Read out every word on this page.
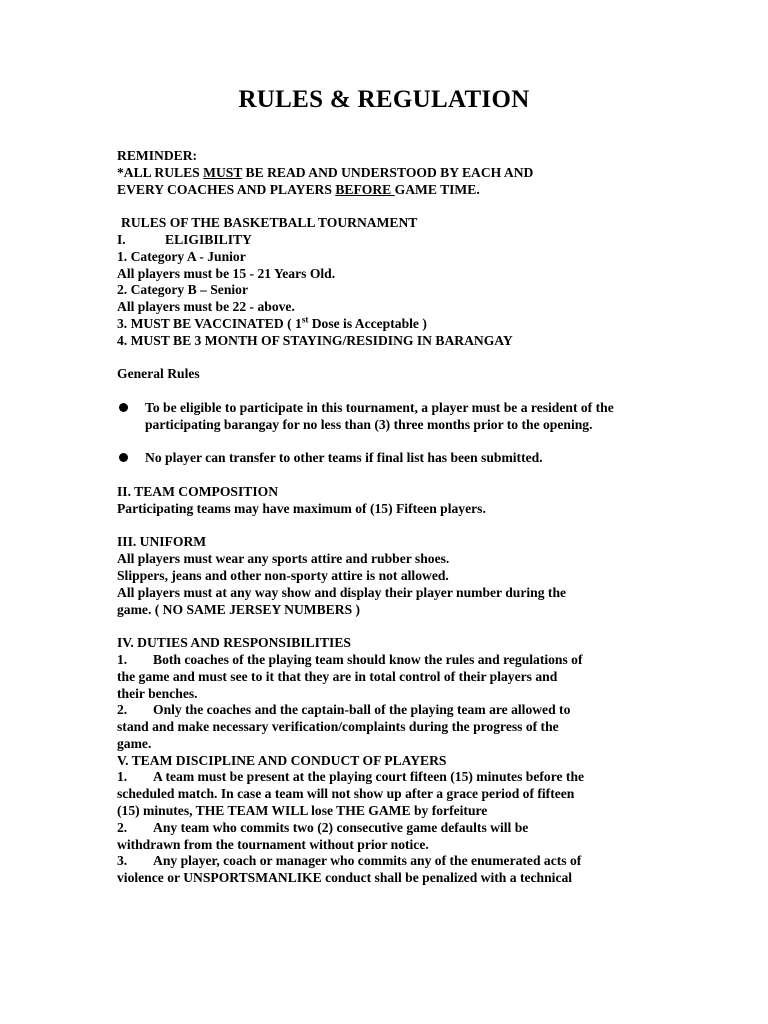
RULES & REGULATION
REMINDER:
*ALL RULES MUST BE READ AND UNDERSTOOD BY EACH AND
EVERY COACHES AND PLAYERS BEFORE GAME TIME.
RULES OF THE BASKETBALL TOURNAMENT
I.	ELIGIBILITY
1. Category A - Junior
All players must be 15 - 21 Years Old.
2. Category B – Senior
All players must be 22 - above.
3. MUST BE VACCINATED ( 1st Dose is Acceptable )
4. MUST BE 3 MONTH OF STAYING/RESIDING IN BARANGAY
General Rules
To be eligible to participate in this tournament, a player must be a resident of the participating barangay for no less than (3) three months prior to the opening.
No player can transfer to other teams if final list has been submitted.
II. TEAM COMPOSITION
Participating teams may have maximum of (15) Fifteen players.
III. UNIFORM
All players must wear any sports attire and rubber shoes.
Slippers, jeans and other non-sporty attire is not allowed.
All players must at any way show and display their player number during the
game. ( NO SAME JERSEY NUMBERS )
IV. DUTIES AND RESPONSIBILITIES
1. Both coaches of the playing team should know the rules and regulations of
the game and must see to it that they are in total control of their players and
their benches.
2. Only the coaches and the captain-ball of the playing team are allowed to
stand and make necessary verification/complaints during the progress of the
game.
V. TEAM DISCIPLINE AND CONDUCT OF PLAYERS
1. A team must be present at the playing court fifteen (15) minutes before the
scheduled match. In case a team will not show up after a grace period of fifteen
(15) minutes, THE TEAM WILL lose THE GAME by forfeiture
2. Any team who commits two (2) consecutive game defaults will be
withdrawn from the tournament without prior notice.
3. Any player, coach or manager who commits any of the enumerated acts of
violence or UNSPORTSMANLIKE conduct shall be penalized with a technical
